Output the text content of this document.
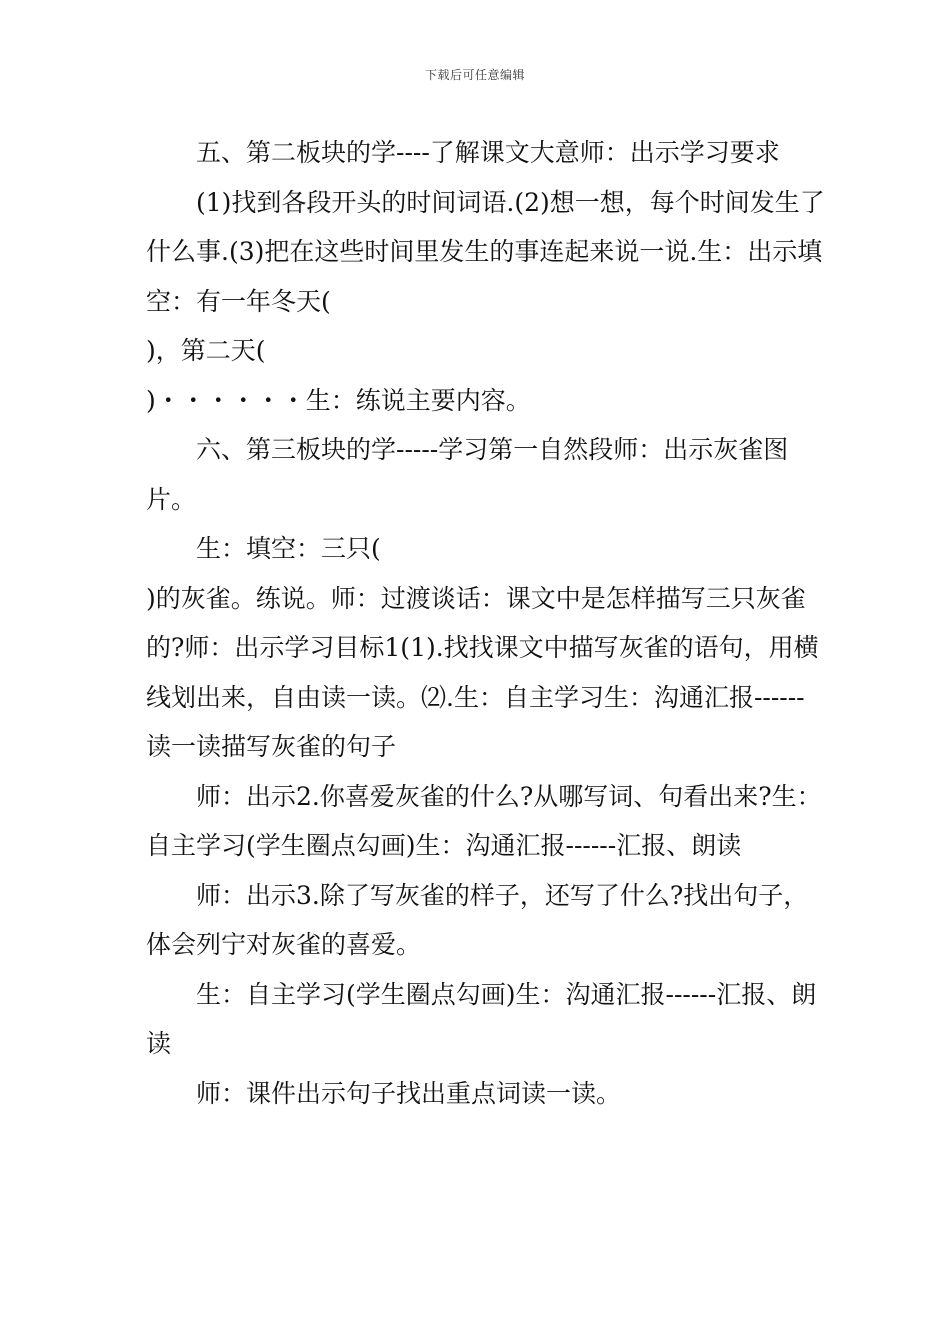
下载后可任意编辑

五、第二板块的学----了解课文大意师：出示学习要求

(1)找到各段开头的时间词语.(2)想一想，每个时间发生了什么事.(3)把在这些时间里发生的事连起来说一说.生：出示填空：有一年冬天(

)，第二天(

)・・・・・・生：练说主要内容。

六、第三板块的学-----学习第一自然段师：出示灰雀图片。

生：填空：三只(

)的灰雀。练说。师：过渡谈话：课文中是怎样描写三只灰雀的?师：出示学习目标1(1).找找课文中描写灰雀的语句，用横线划出来，自由读一读。⑵.生：自主学习生：沟通汇报------读一读描写灰雀的句子

师：出示2.你喜爱灰雀的什么?从哪写词、句看出来?生：自主学习(学生圈点勾画)生：沟通汇报------汇报、朗读

师：出示3.除了写灰雀的样子，还写了什么?找出句子，体会列宁对灰雀的喜爱。

生：自主学习(学生圈点勾画)生：沟通汇报------汇报、朗读

师：课件出示句子找出重点词读一读。
